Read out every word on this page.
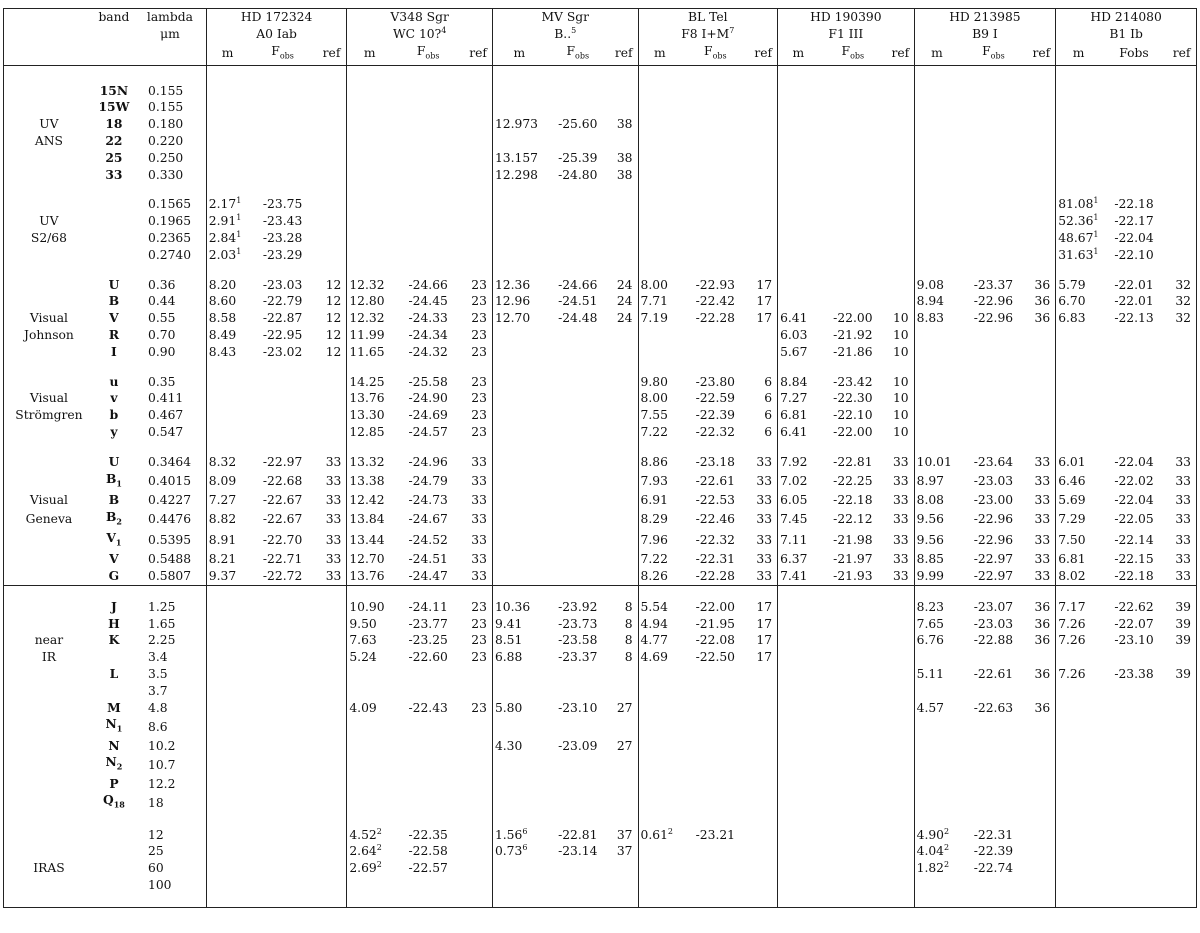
	band	lambda	HD 172324			V348 Sgr			MV Sgr			BL Tel			HD 190390			HD 213985			HD 214080		
		μm	A0 Iab			WC 10?$^4$			B..$^5$			F8 $I+M^7$			F1 III			B9 I			B1 Ib		
			m	$F_{obs}$	ref	m	$F_{obs}$	ref	m	$F_{obs}$	ref	m	$F_{obs}$	ref	m	$F_{obs}$	ref	m	$F_{obs}$	ref	m	Fobs	ref

	15N	0.155																					
	15W	0.155																					
UV	18	0.180							12.973	-25.60	38												
ANS	22	0.220																					
	25	0.250							13.157	-25.39	38												
	33	0.330							12.298	-24.80	38												

		0.1565	2.17$^1$	-23.75																	81.08$^1$	-22.18	
UV		0.1965	2.91$^1$	-23.43																	52.36$^1$	-22.17	
S2/68		0.2365	2.84$^1$	-23.28																	48.67$^1$	-22.04	
		0.2740	2.03$^1$	-23.29																	31.63$^1$	-22.10	

	U	0.36	8.20	-23.03	12	12.32	-24.66	23	12.36	-24.66	24	8.00	-22.93	17				9.08	-23.37	36	5.79	-22.01	32
	B	0.44	8.60	-22.79	12	12.80	-24.45	23	12.96	-24.51	24	7.71	-22.42	17				8.94	-22.96	36	6.70	-22.01	32
Visual	V	0.55	8.58	-22.87	12	12.32	-24.33	23	12.70	-24.48	24	7.19	-22.28	17	6.41	-22.00	10	8.83	-22.96	36	6.83	-22.13	32
Johnson	R	0.70	8.49	-22.95	12	11.99	-24.34	23							6.03	-21.92	10						
	I	0.90	8.43	-23.02	12	11.65	-24.32	23							5.67	-21.86	10						

	u	0.35				14.25	-25.58	23				9.80	-23.80	6	8.84	-23.42	10						
Visual	v	0.411				13.76	-24.90	23				8.00	-22.59	6	7.27	-22.30	10						
Strömgren	b	0.467				13.30	-24.69	23				7.55	-22.39	6	6.81	-22.10	10						
	y	0.547				12.85	-24.57	23				7.22	-22.32	6	6.41	-22.00	10						

	U	0.3464	8.32	-22.97	33	13.32	-24.96	33				8.86	-23.18	33	7.92	-22.81	33	10.01	-23.64	33	6.01	-22.04	33
	$B_1$	0.4015	8.09	-22.68	33	13.38	-24.79	33				7.93	-22.61	33	7.02	-22.25	33	8.97	-23.03	33	6.46	-22.02	33
Visual	B	0.4227	7.27	-22.67	33	12.42	-24.73	33				6.91	-22.53	33	6.05	-22.18	33	8.08	-23.00	33	5.69	-22.04	33
Geneva	$B_2$	0.4476	8.82	-22.67	33	13.84	-24.67	33				8.29	-22.46	33	7.45	-22.12	33	9.56	-22.96	33	7.29	-22.05	33
	$V_1$	0.5395	8.91	-22.70	33	13.44	-24.52	33				7.96	-22.32	33	7.11	-21.98	33	9.56	-22.96	33	7.50	-22.14	33
	V	0.5488	8.21	-22.71	33	12.70	-24.51	33				7.22	-22.31	33	6.37	-21.97	33	8.85	-22.97	33	6.81	-22.15	33
	G	0.5807	9.37	-22.72	33	13.76	-24.47	33				8.26	-22.28	33	7.41	-21.93	33	9.99	-22.97	33	8.02	-22.18	33

	J	1.25				10.90	-24.11	23	10.36	-23.92	8	5.54	-22.00	17				8.23	-23.07	36	7.17	-22.62	39
	H	1.65				9.50	-23.77	23	9.41	-23.73	8	4.94	-21.95	17				7.65	-23.03	36	7.26	-22.07	39
near	K	2.25				7.63	-23.25	23	8.51	-23.58	8	4.77	-22.08	17				6.76	-22.88	36	7.26	-23.10	39
IR		3.4				5.24	-22.60	23	6.88	-23.37	8	4.69	-22.50	17									
	L	3.5																5.11	-22.61	36	7.26	-23.38	39
		3.7																					
	M	4.8				4.09	-22.43	23	5.80	-23.10	27							4.57	-22.63	36			
	$N_1$	8.6																					
	N	10.2							4.30	-23.09	27												
	$N_2$	10.7																					
	P	12.2																					
	$Q_{18}$	18																					

		12				4.52$^2$	-22.35		1.56$^6$	-22.81	37	0.61$^2$	-23.21					4.90$^2$	-22.31				
		25				2.64$^2$	-22.58		0.73$^6$	-23.14	37							4.04$^2$	-22.39				
IRAS		60				2.69$^2$	-22.57											1.82$^2$	-22.74				
		100																					
